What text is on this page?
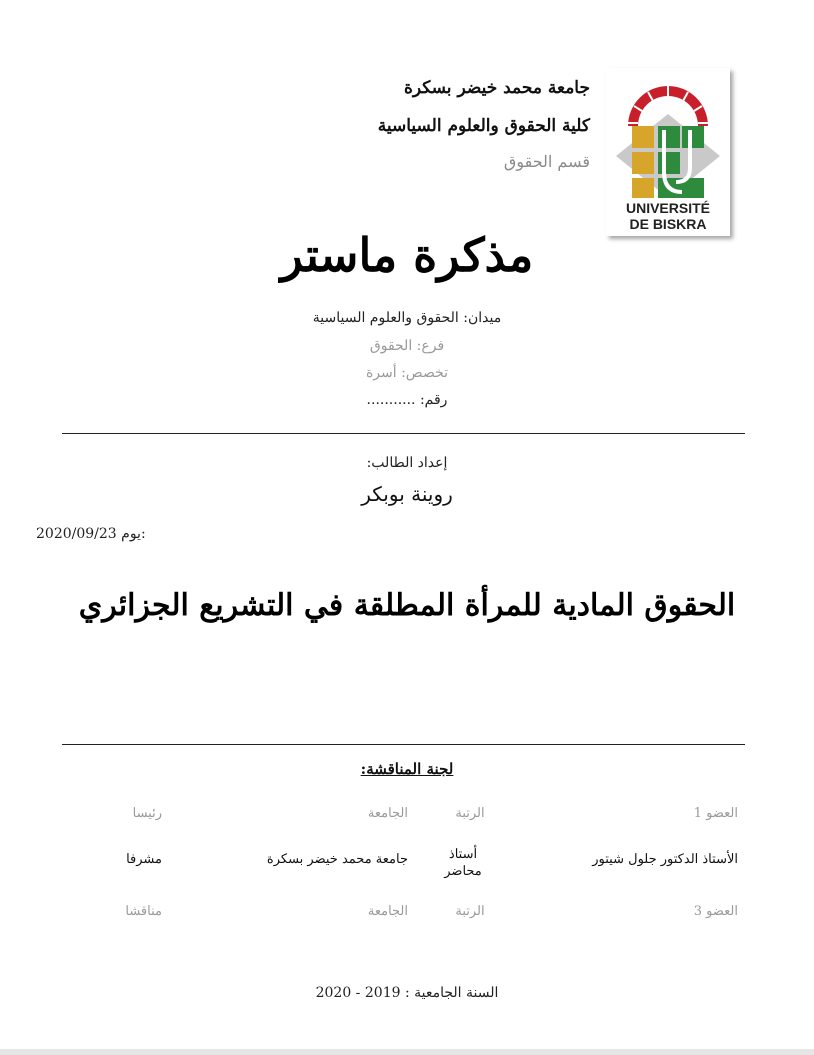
جامعة محمد خيضر بسكرة
كلية الحقوق والعلوم السياسية
قسم الحقوق
UNIVERSITÉ
DE BISKRA
مذكرة ماستر
ميدان: الحقوق والعلوم السياسية
فرع: الحقوق
تخصص: أسرة
رقم: ...........
إعداد الطالب:
روينة بوبكر
2020/09/23 يوم:
الحقوق المادية للمرأة المطلقة في التشريع الجزائري
لجنة المناقشة:
العضو 1
الرتبة
الجامعة
رئيسا
الأستاذ الدكتور جلول شيتور
أستاذ محاضر
جامعة محمد خيضر بسكرة
مشرفا
العضو 3
الرتبة
الجامعة
مناقشا
السنة الجامعية : 2019 - 2020
